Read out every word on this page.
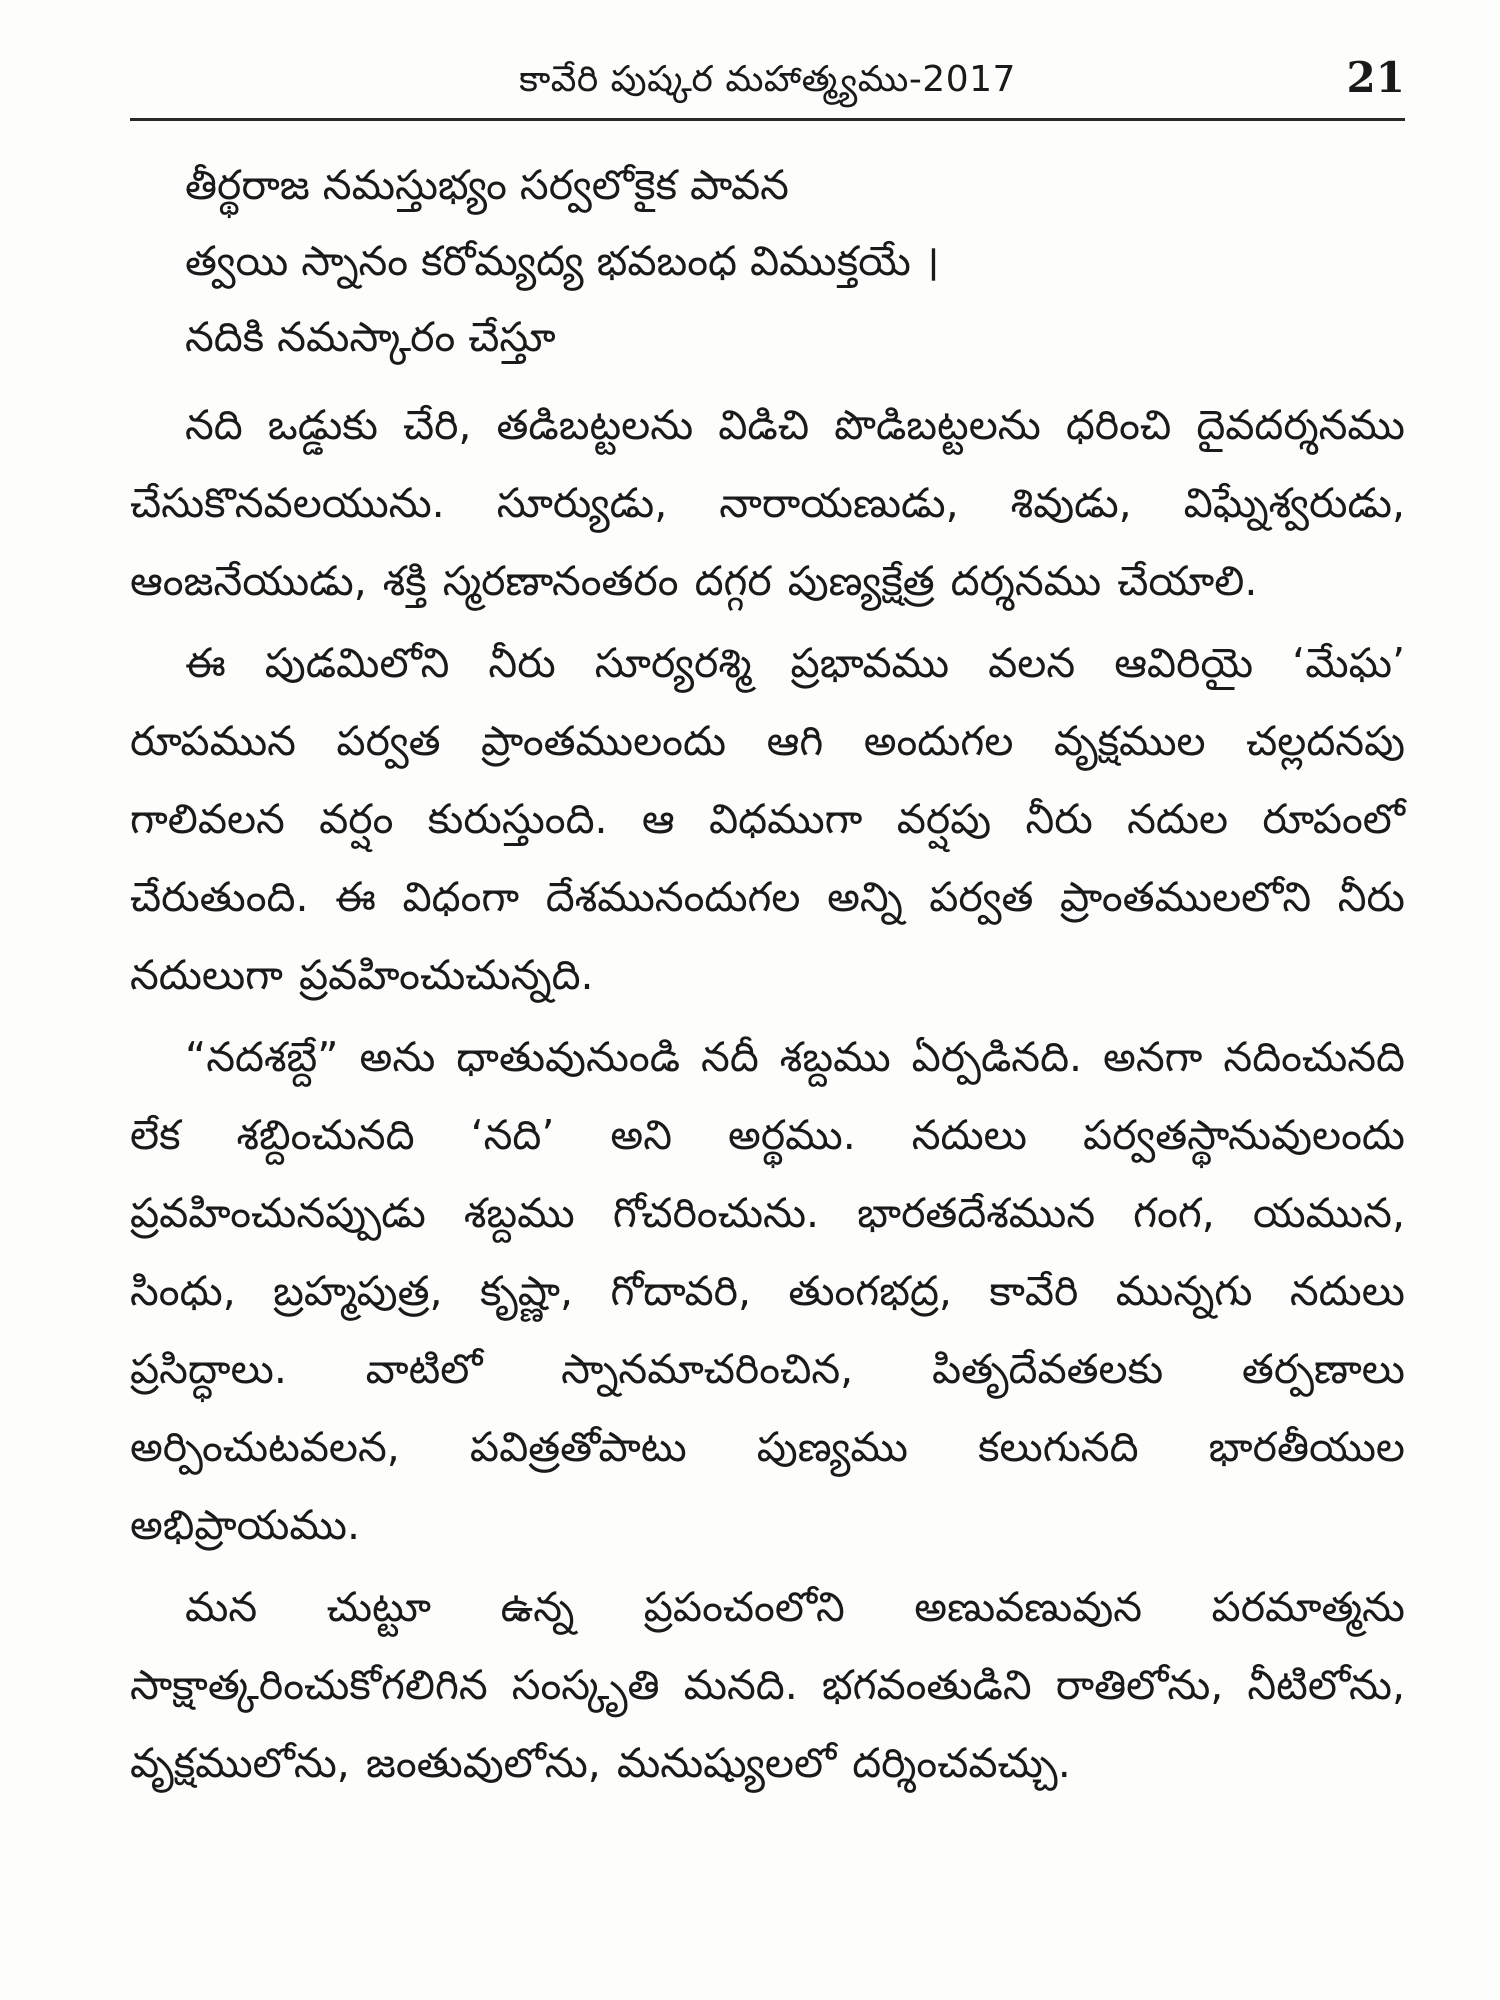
కావేరి పుష్కర మహాత్మ్యము-2017	21
తీర్థరాజ నమస్తుభ్యం సర్వలోకైక పావన
త్వయి స్నానం కరోమ్యద్య భవబంధ విముక్తయే ।
నదికి నమస్కారం చేస్తూ

నది ఒడ్డుకు చేరి, తడిబట్టలను విడిచి పొడిబట్టలను ధరించి దైవదర్శనము చేసుకొనవలయును. సూర్యుడు, నారాయణుడు, శివుడు, విఘ్నేశ్వరుడు, ఆంజనేయుడు, శక్తి స్మరణానంతరం దగ్గర పుణ్యక్షేత్ర దర్శనము చేయాలి.

ఈ పుడమిలోని నీరు సూర్యరశ్మి ప్రభావము వలన ఆవిరియై ‘మేఘ’ రూపమున పర్వత ప్రాంతములందు ఆగి అందుగల వృక్షముల చల్లదనపు గాలివలన వర్షం కురుస్తుంది. ఆ విధముగా వర్షపు నీరు నదుల రూపంలో చేరుతుంది. ఈ విధంగా దేశమునందుగల అన్ని పర్వత ప్రాంతములలోని నీరు నదులుగా ప్రవహించుచున్నది.

“నదశబ్దే” అను ధాతువునుండి నదీ శబ్దము ఏర్పడినది. అనగా నదించునది లేక శబ్దించునది ‘నది’ అని అర్థము. నదులు పర్వతస్థానువులందు ప్రవహించునప్పుడు శబ్దము గోచరించును. భారతదేశమున గంగ, యమున, సింధు, బ్రహ్మపుత్ర, కృష్ణా, గోదావరి, తుంగభద్ర, కావేరి మున్నగు నదులు ప్రసిద్ధాలు. వాటిలో స్నానమాచరించిన, పితృదేవతలకు తర్పణాలు అర్పించుటవలన, పవిత్రతోపాటు పుణ్యము కలుగునది భారతీయుల అభిప్రాయము.

మన చుట్టూ ఉన్న ప్రపంచంలోని అణువణువున పరమాత్మను సాక్షాత్కరించుకోగలిగిన సంస్కృతి మనది. భగవంతుడిని రాతిలోను, నీటిలోను, వృక్షములోను, జంతువులోను, మనుష్యులలో దర్శించవచ్చు.
